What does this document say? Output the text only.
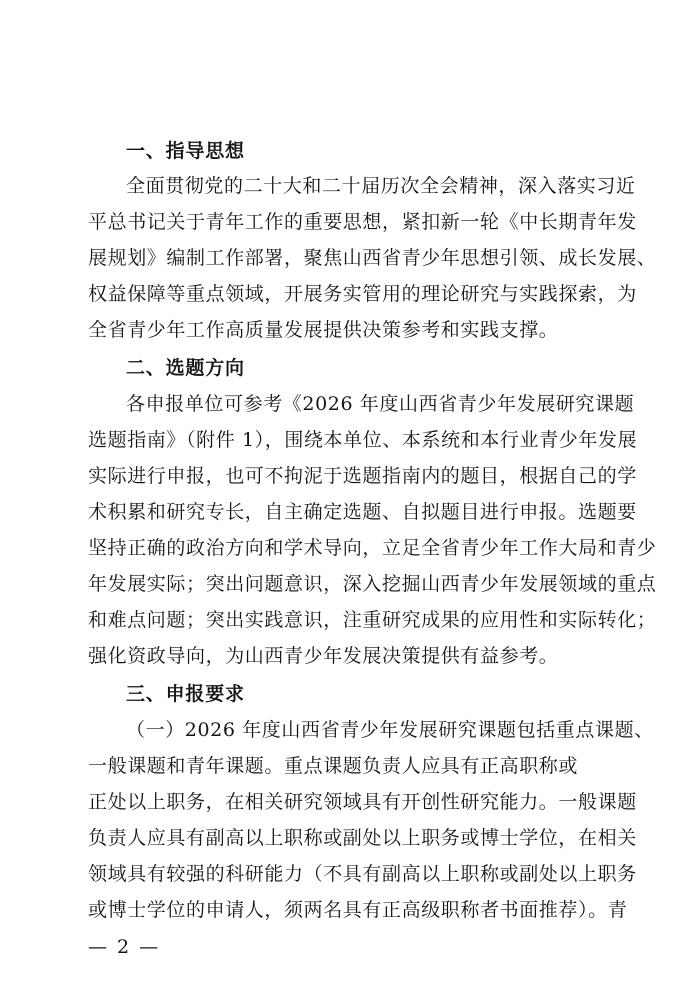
一、指导思想
全面贯彻党的二十大和二十届历次全会精神，深入落实习近
平总书记关于青年工作的重要思想，紧扣新一轮《中长期青年发
展规划》编制工作部署，聚焦山西省青少年思想引领、成长发展、
权益保障等重点领域，开展务实管用的理论研究与实践探索，为
全省青少年工作高质量发展提供决策参考和实践支撑。
二、选题方向
各申报单位可参考《2026 年度山西省青少年发展研究课题
选题指南》（附件 1），围绕本单位、本系统和本行业青少年发展
实际进行申报，也可不拘泥于选题指南内的题目，根据自己的学
术积累和研究专长，自主确定选题、自拟题目进行申报。选题要
坚持正确的政治方向和学术导向，立足全省青少年工作大局和青少
年发展实际；突出问题意识，深入挖掘山西青少年发展领域的重点
和难点问题；突出实践意识，注重研究成果的应用性和实际转化；
强化资政导向，为山西青少年发展决策提供有益参考。
三、申报要求
（一）2026 年度山西省青少年发展研究课题包括重点课题、
一般课题和青年课题。重点课题负责人应具有正高职称或
正处以上职务，在相关研究领域具有开创性研究能力。一般课题
负责人应具有副高以上职称或副处以上职务或博士学位，在相关
领域具有较强的科研能力（不具有副高以上职称或副处以上职务
或博士学位的申请人，须两名具有正高级职称者书面推荐）。青
— 2 —
